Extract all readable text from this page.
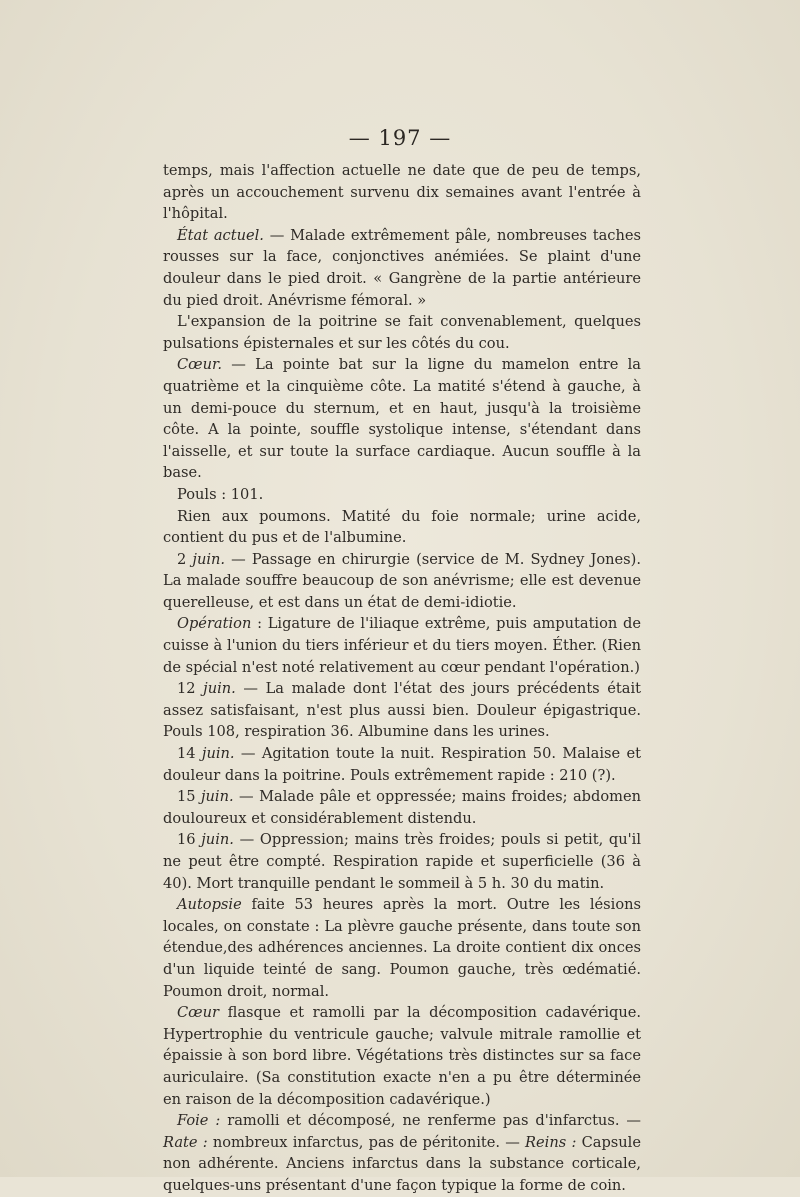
— 197 —

temps, mais l'affection actuelle ne date que de peu de temps, après un accouchement survenu dix semaines avant l'entrée à l'hôpital.

État actuel. — Malade extrêmement pâle, nombreuses taches rousses sur la face, conjonctives anémiées. Se plaint d'une douleur dans le pied droit. « Gangrène de la partie antérieure du pied droit. Anévrisme fémoral. »

L'expansion de la poitrine se fait convenablement, quelques pulsations épisternales et sur les côtés du cou.

Cœur. — La pointe bat sur la ligne du mamelon entre la quatrième et la cinquième côte. La matité s'étend à gauche, à un demi-pouce du sternum, et en haut, jusqu'à la troisième côte. A la pointe, souffle systolique intense, s'étendant dans l'aisselle, et sur toute la surface cardiaque. Aucun souffle à la base.

Pouls : 101.

Rien aux poumons. Matité du foie normale; urine acide, contient du pus et de l'albumine.

2 juin. — Passage en chirurgie (service de M. Sydney Jones). La malade souffre beaucoup de son anévrisme; elle est devenue querelleuse, et est dans un état de demi-idiotie.

Opération : Ligature de l'iliaque extrême, puis amputation de cuisse à l'union du tiers inférieur et du tiers moyen. Éther. (Rien de spécial n'est noté relativement au cœur pendant l'opération.)

12 juin. — La malade dont l'état des jours précédents était assez satisfaisant, n'est plus aussi bien. Douleur épigastrique. Pouls 108, respiration 36. Albumine dans les urines.

14 juin. — Agitation toute la nuit. Respiration 50. Malaise et douleur dans la poitrine. Pouls extrêmement rapide : 210 (?).

15 juin. — Malade pâle et oppressée; mains froides; abdomen douloureux et considérablement distendu.

16 juin. — Oppression; mains très froides; pouls si petit, qu'il ne peut être compté. Respiration rapide et superficielle (36 à 40). Mort tranquille pendant le sommeil à 5 h. 30 du matin.

Autopsie faite 53 heures après la mort. Outre les lésions locales, on constate : La plèvre gauche présente, dans toute son étendue,des adhérences anciennes. La droite contient dix onces d'un liquide teinté de sang. Poumon gauche, très œdématié. Poumon droit, normal.

Cœur flasque et ramolli par la décomposition cadavérique. Hypertrophie du ventricule gauche; valvule mitrale ramollie et épaissie à son bord libre. Végétations très distinctes sur sa face auriculaire. (Sa constitution exacte n'en a pu être déterminée en raison de la décomposition cadavérique.)

Foie : ramolli et décomposé, ne renferme pas d'infarctus. — Rate : nombreux infarctus, pas de péritonite. — Reins : Capsule non adhérente. Anciens infarctus dans la substance corticale, quelques-uns présentant d'une façon typique la forme de coin.
